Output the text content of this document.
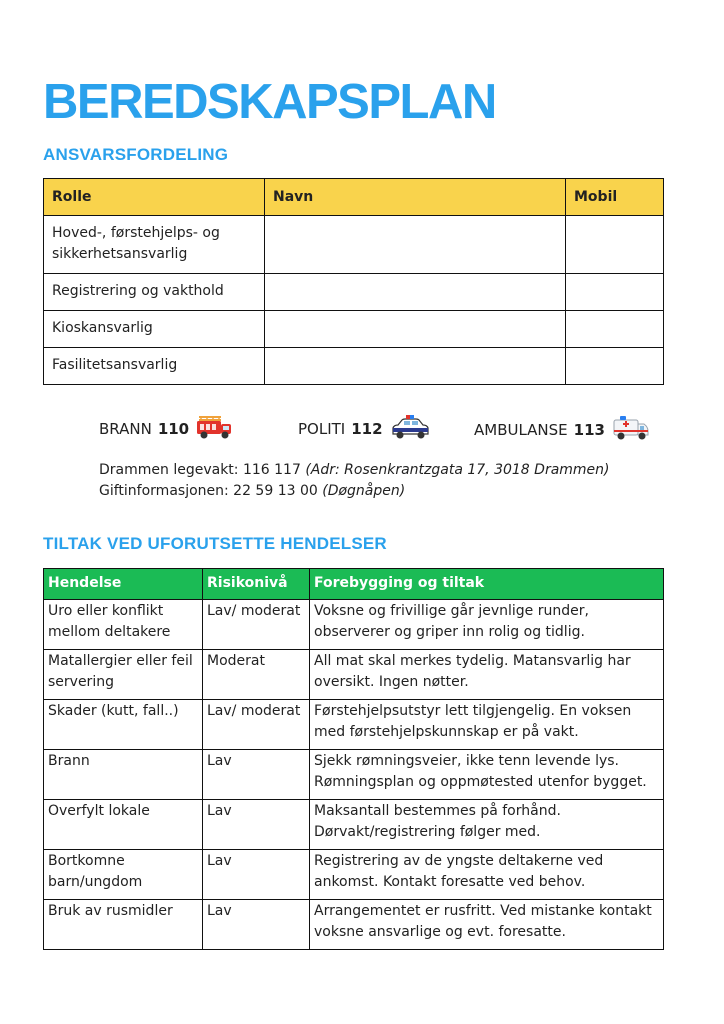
BEREDSKAPSPLAN
ANSVARSFORDELING
Rolle	Navn	Mobil
Hoved-, førstehjelps- og sikkerhetsansvarlig		
Registrering og vakthold		
Kioskansvarlig		
Fasilitetsansvarlig		
BRANN 110	POLITI 112	AMBULANSE 113
Drammen legevakt: 116 117 (Adr: Rosenkrantzgata 17, 3018 Drammen)
Giftinformasjonen: 22 59 13 00 (Døgnåpen)
TILTAK VED UFORUTSETTE HENDELSER
Hendelse	Risikonivå	Forebygging og tiltak
Uro eller konflikt mellom deltakere	Lav/ moderat	Voksne og frivillige går jevnlige runder, observerer og griper inn rolig og tidlig.
Matallergier eller feil servering	Moderat	All mat skal merkes tydelig. Matansvarlig har oversikt. Ingen nøtter.
Skader (kutt, fall..)	Lav/ moderat	Førstehjelpsutstyr lett tilgjengelig. En voksen med førstehjelpskunnskap er på vakt.
Brann	Lav	Sjekk rømningsveier, ikke tenn levende lys. Rømningsplan og oppmøtested utenfor bygget.
Overfylt lokale	Lav	Maksantall bestemmes på forhånd. Dørvakt/registrering følger med.
Bortkomne barn/ungdom	Lav	Registrering av de yngste deltakerne ved ankomst. Kontakt foresatte ved behov.
Bruk av rusmidler	Lav	Arrangementet er rusfritt. Ved mistanke kontakt voksne ansvarlige og evt. foresatte.
